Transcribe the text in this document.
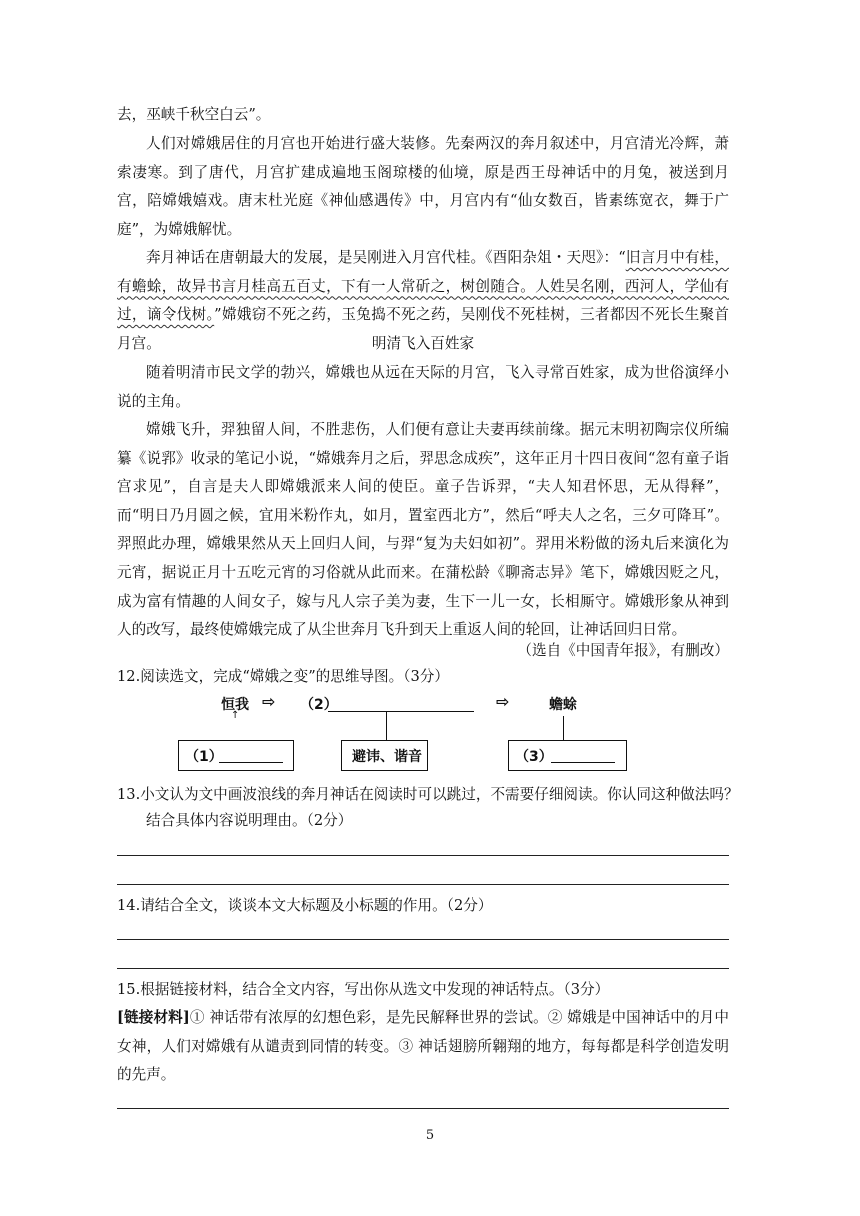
去，巫峡千秋空白云”。

人们对嫦娥居住的月宫也开始进行盛大装修。先秦两汉的奔月叙述中，月宫清光冷辉，萧索凄寒。到了唐代，月宫扩建成遍地玉阁琼楼的仙境，原是西王母神话中的月兔，被送到月宫，陪嫦娥嬉戏。唐末杜光庭《神仙感遇传》中，月宫内有“仙女数百，皆素练宽衣，舞于广庭”，为嫦娥解忧。

奔月神话在唐朝最大的发展，是吴刚进入月宫代桂。《酉阳杂俎・天咫》：“旧言月中有桂，有蟾蜍，故异书言月桂高五百丈，下有一人常斫之，树创随合。人姓吴名刚，西河人，学仙有过，谪令伐树。”嫦娥窃不死之药，玉兔捣不死之药，吴刚伐不死桂树，三者都因不死长生聚首月宫。	明清飞入百姓家

随着明清市民文学的勃兴，嫦娥也从远在天际的月宫，飞入寻常百姓家，成为世俗演绎小说的主角。

嫦娥飞升，羿独留人间，不胜悲伤，人们便有意让夫妻再续前缘。据元末明初陶宗仪所编纂《说郛》收录的笔记小说，“嫦娥奔月之后，羿思念成疾”，这年正月十四日夜间“忽有童子诣宫求见”，自言是夫人即嫦娥派来人间的使臣。童子告诉羿，“夫人知君怀思，无从得释”，而“明日乃月圆之候，宜用米粉作丸，如月，置室西北方”，然后“呼夫人之名，三夕可降耳”。羿照此办理，嫦娥果然从天上回归人间，与羿“复为夫妇如初”。羿用米粉做的汤丸后来演化为元宵，据说正月十五吃元宵的习俗就从此而来。在蒲松龄《聊斋志异》笔下，嫦娥因贬之凡，成为富有情趣的人间女子，嫁与凡人宗子美为妻，生下一儿一女，长相厮守。嫦娥形象从神到人的改写，最终使嫦娥完成了从尘世奔月飞升到天上重返人间的轮回，让神话回归日常。

（选自《中国青年报》，有删改）

12.阅读选文，完成“嫦娥之变”的思维导图。（3分）

恒我
↑
⇨ （2）	⇨	蟾蜍
（1）	避讳、谐音	（3）

13.小文认为文中画波浪线的奔月神话在阅读时可以跳过，不需要仔细阅读。你认同这种做法吗？

结合具体内容说明理由。（2分）

14.请结合全文，谈谈本文大标题及小标题的作用。（2分）

15.根据链接材料，结合全文内容，写出你从选文中发现的神话特点。（3分）

[链接材料]① 神话带有浓厚的幻想色彩，是先民解释世界的尝试。② 嫦娥是中国神话中的月中女神，人们对嫦娥有从谴责到同情的转变。③ 神话翅膀所翱翔的地方，每每都是科学创造发明的先声。

5
